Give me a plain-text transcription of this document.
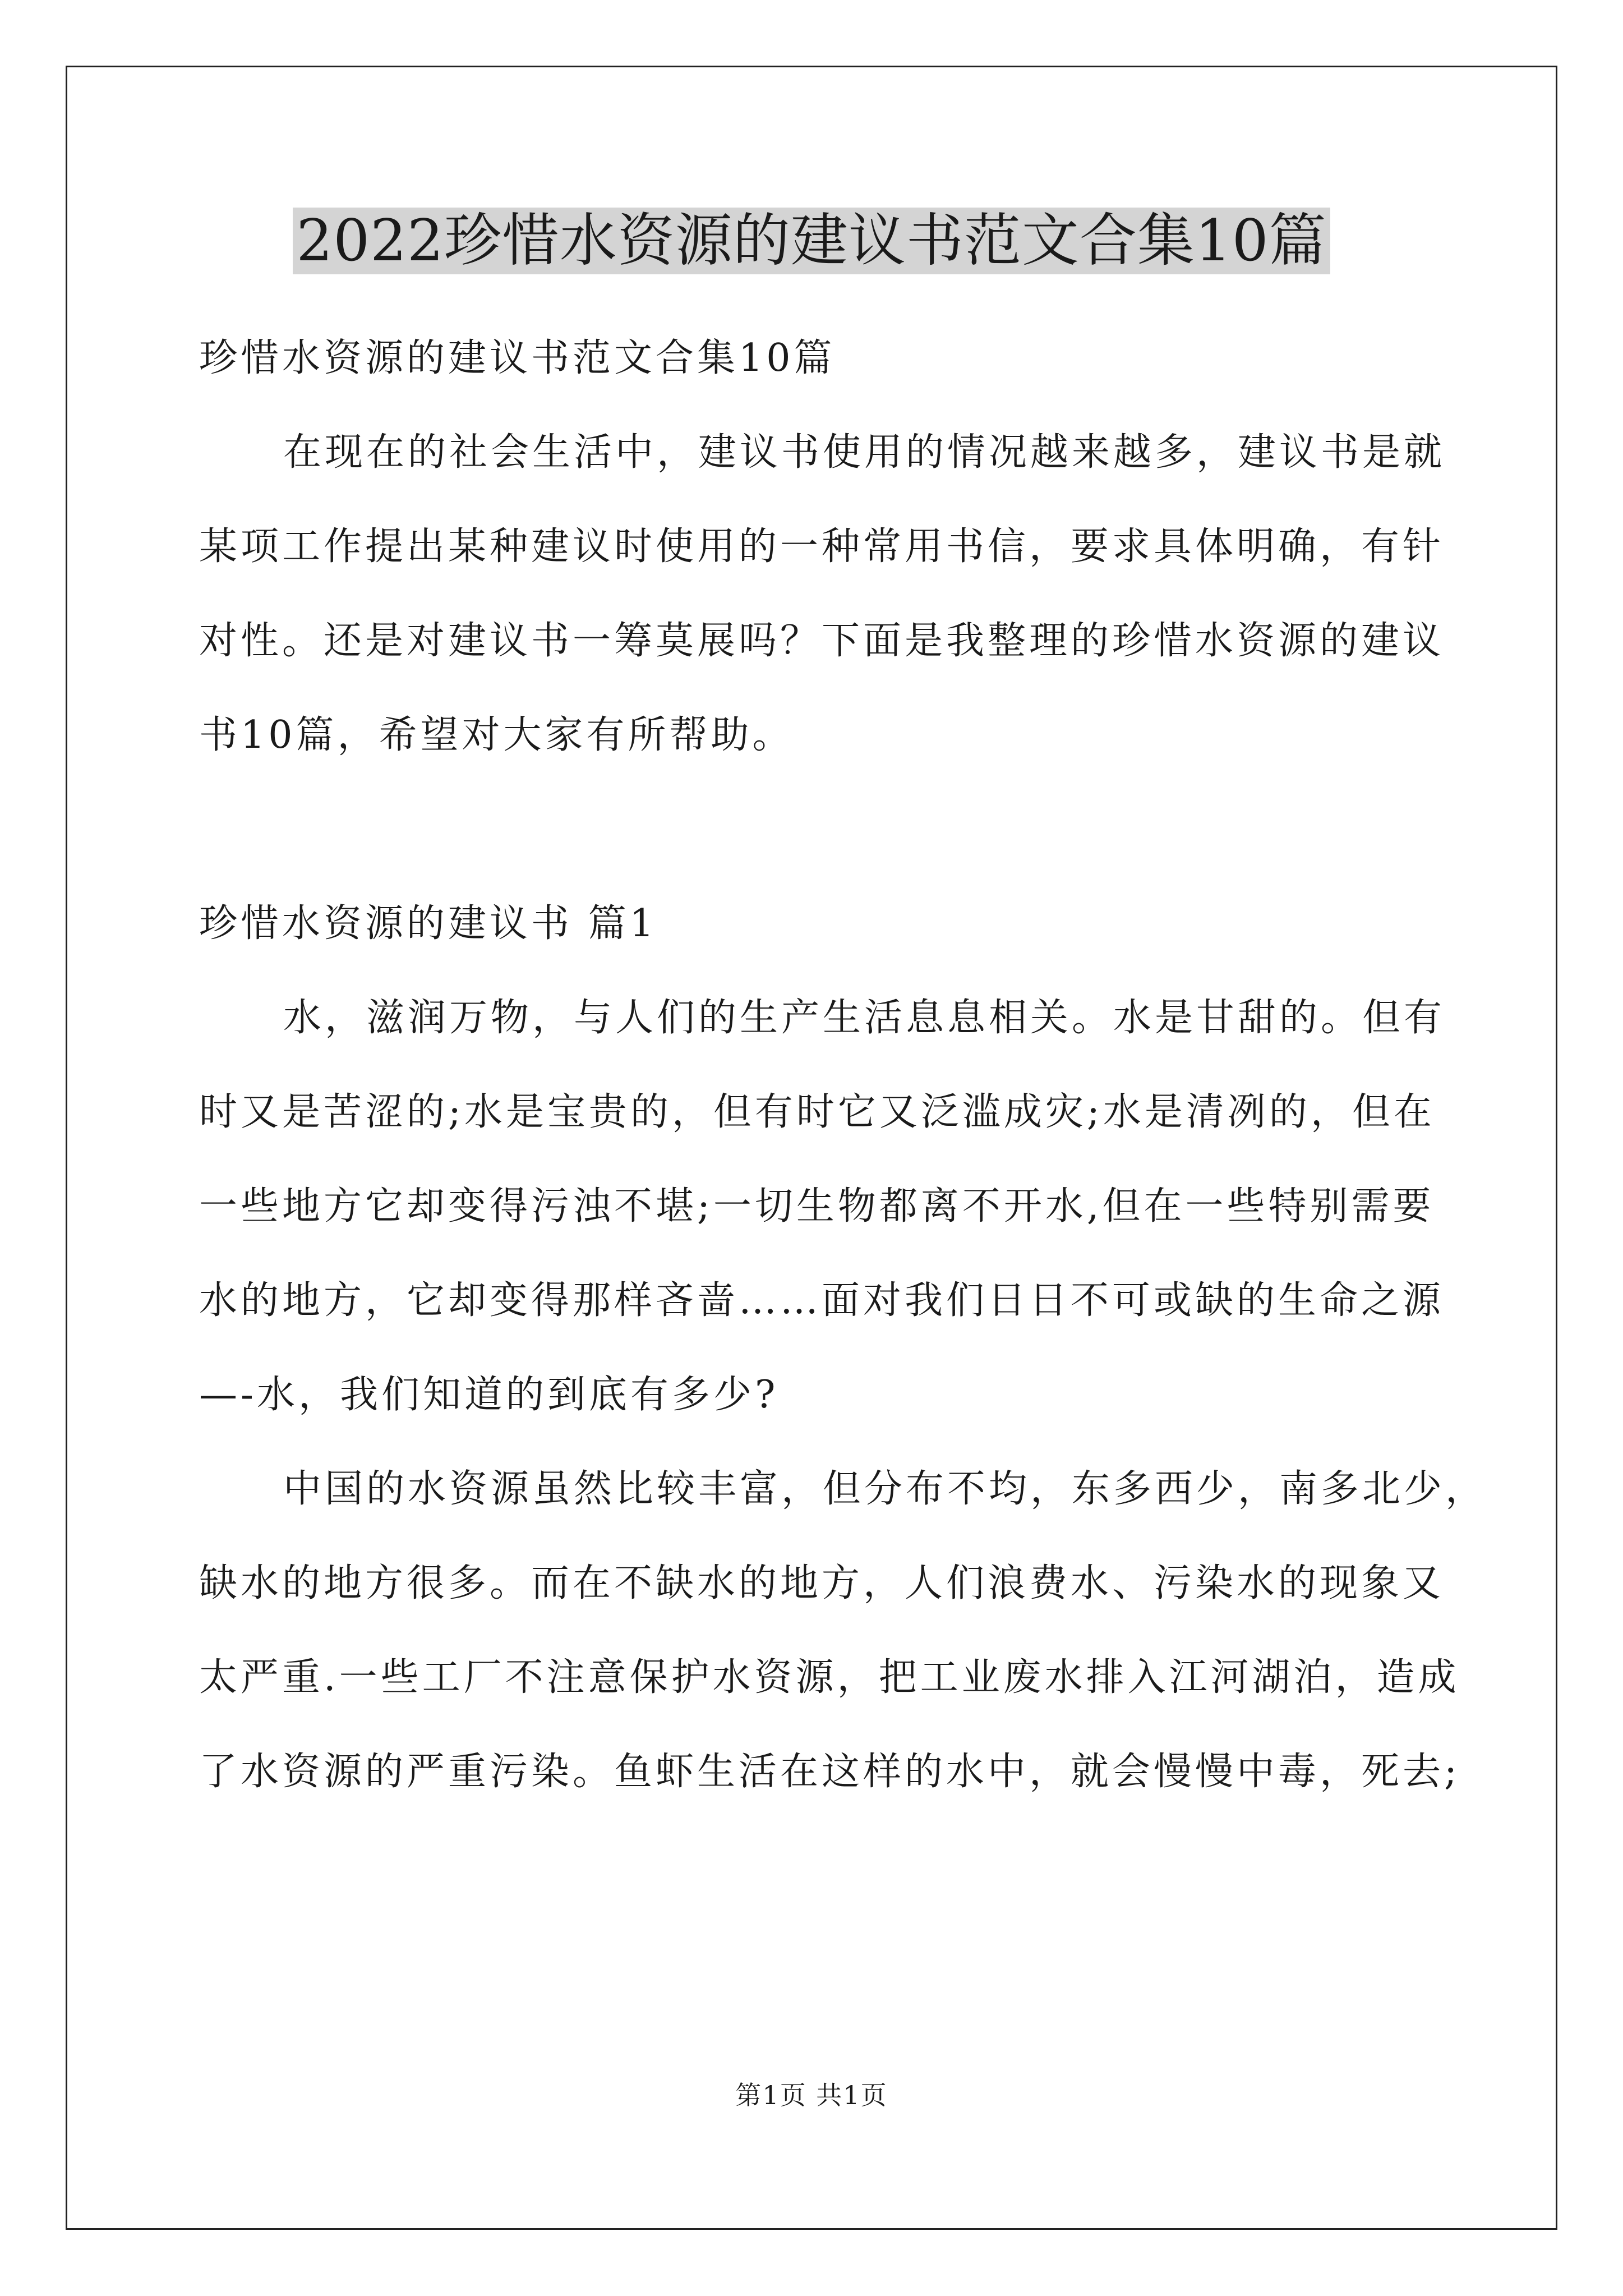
2022珍惜水资源的建议书范文合集10篇

珍惜水资源的建议书范文合集10篇

在现在的社会生活中，建议书使用的情况越来越多，建议书是就

某项工作提出某种建议时使用的一种常用书信，要求具体明确，有针

对性。还是对建议书一筹莫展吗？下面是我整理的珍惜水资源的建议

书10篇，希望对大家有所帮助。

珍惜水资源的建议书 篇1

水，滋润万物，与人们的生产生活息息相关。水是甘甜的。但有

时又是苦涩的;水是宝贵的，但有时它又泛滥成灾;水是清冽的，但在

一些地方它却变得污浊不堪;一切生物都离不开水,但在一些特别需要

水的地方，它却变得那样吝啬……面对我们日日不可或缺的生命之源

—-水，我们知道的到底有多少?

中国的水资源虽然比较丰富，但分布不均，东多西少，南多北少，

缺水的地方很多。而在不缺水的地方，人们浪费水、污染水的现象又

太严重.一些工厂不注意保护水资源，把工业废水排入江河湖泊，造成

了水资源的严重污染。鱼虾生活在这样的水中，就会慢慢中毒，死去;

第1页 共1页
